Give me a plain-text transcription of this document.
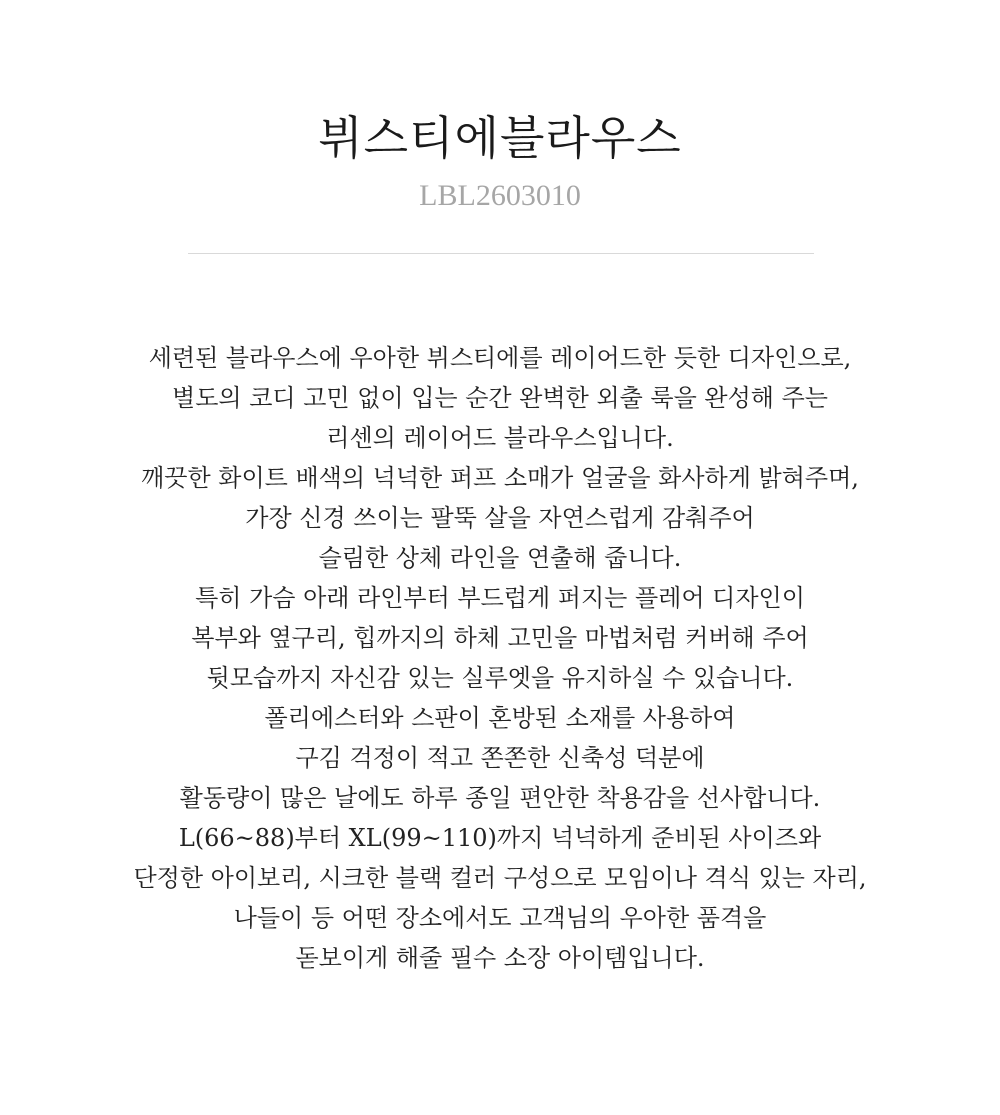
뷔스티에블라우스
LBL2603010
세련된 블라우스에 우아한 뷔스티에를 레이어드한 듯한 디자인으로,
별도의 코디 고민 없이 입는 순간 완벽한 외출 룩을 완성해 주는
리센의 레이어드 블라우스입니다.
깨끗한 화이트 배색의 넉넉한 퍼프 소매가 얼굴을 화사하게 밝혀주며,
가장 신경 쓰이는 팔뚝 살을 자연스럽게 감춰주어
슬림한 상체 라인을 연출해 줍니다.
특히 가슴 아래 라인부터 부드럽게 퍼지는 플레어 디자인이
복부와 옆구리, 힙까지의 하체 고민을 마법처럼 커버해 주어
뒷모습까지 자신감 있는 실루엣을 유지하실 수 있습니다.
폴리에스터와 스판이 혼방된 소재를 사용하여
구김 걱정이 적고 쫀쫀한 신축성 덕분에
활동량이 많은 날에도 하루 종일 편안한 착용감을 선사합니다.
L(66~88)부터 XL(99~110)까지 넉넉하게 준비된 사이즈와
단정한 아이보리, 시크한 블랙 컬러 구성으로 모임이나 격식 있는 자리,
나들이 등 어떤 장소에서도 고객님의 우아한 품격을
돋보이게 해줄 필수 소장 아이템입니다.
